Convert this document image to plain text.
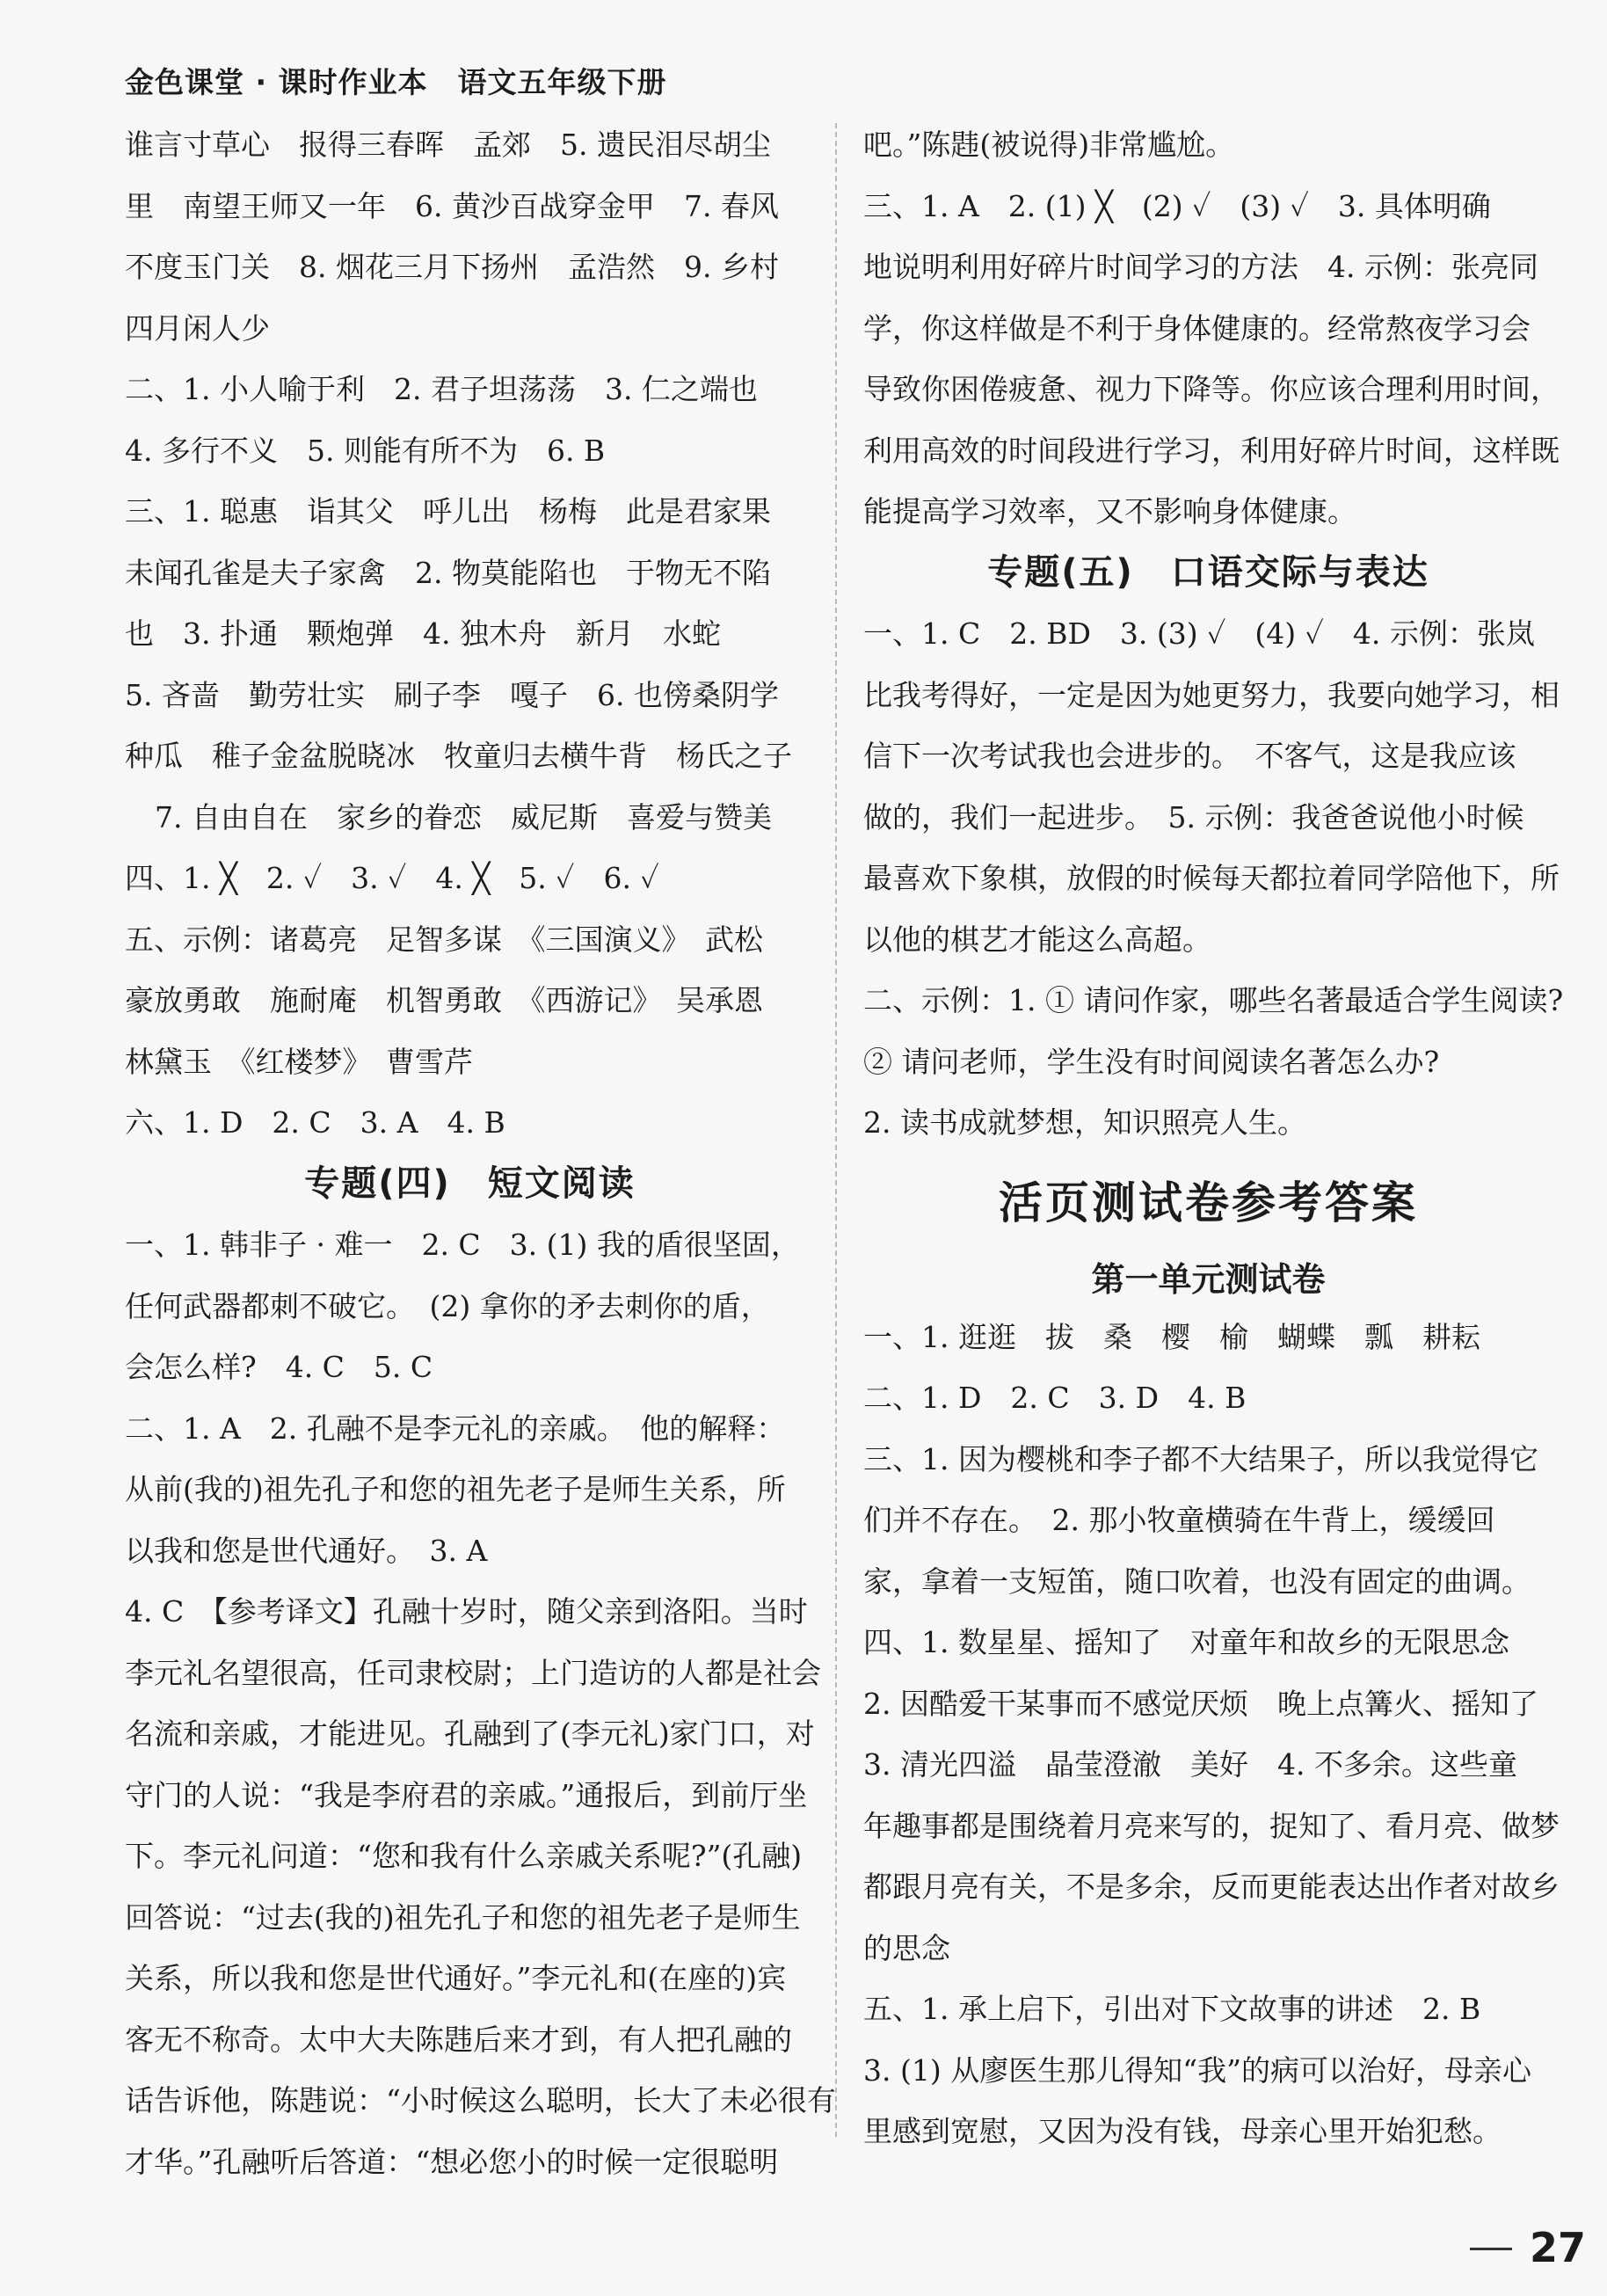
金色课堂 · 课时作业本　语文五年级下册
谁言寸草心　报得三春晖　孟郊　5. 遗民泪尽胡尘
里　南望王师又一年　6. 黄沙百战穿金甲　7. 春风
不度玉门关　8. 烟花三月下扬州　孟浩然　9. 乡村
四月闲人少
二、1. 小人喻于利　2. 君子坦荡荡　3. 仁之端也
4. 多行不义　5. 则能有所不为　6. B
三、1. 聪惠　诣其父　呼儿出　杨梅　此是君家果
未闻孔雀是夫子家禽　2. 物莫能陷也　于物无不陷
也　3. 扑通　颗炮弹　4. 独木舟　新月　水蛇
5. 吝啬　勤劳壮实　刷子李　嘎子　6. 也傍桑阴学
种瓜　稚子金盆脱晓冰　牧童归去横牛背　杨氏之子
7. 自由自在　家乡的眷恋　威尼斯　喜爱与赞美
四、1. ╳　2. ✓　3. ✓　4. ╳　5. ✓　6. ✓
五、示例：诸葛亮　足智多谋　《三国演义》　武松
豪放勇敢　施耐庵　机智勇敢　《西游记》　吴承恩
林黛玉　《红楼梦》　曹雪芹
六、1. D　2. C　3. A　4. B
专题(四)　短文阅读
一、1. 韩非子 · 难一　2. C　3. (1) 我的盾很坚固，
任何武器都刺不破它。　(2) 拿你的矛去刺你的盾，
会怎么样?　4. C　5. C
二、1. A　2. 孔融不是李元礼的亲戚。　他的解释：
从前(我的)祖先孔子和您的祖先老子是师生关系，所
以我和您是世代通好。　3. A
4. C　【参考译文】孔融十岁时，随父亲到洛阳。当时
李元礼名望很高，任司隶校尉；上门造访的人都是社会
名流和亲戚，才能进见。孔融到了(李元礼)家门口，对
守门的人说：“我是李府君的亲戚。”通报后，到前厅坐
下。李元礼问道：“您和我有什么亲戚关系呢?”(孔融)
回答说：“过去(我的)祖先孔子和您的祖先老子是师生
关系，所以我和您是世代通好。”李元礼和(在座的)宾
客无不称奇。太中大夫陈韪后来才到，有人把孔融的
话告诉他，陈韪说：“小时候这么聪明，长大了未必很有
才华。”孔融听后答道：“想必您小的时候一定很聪明
吧。”陈韪(被说得)非常尴尬。
三、1. A　2. (1) ╳　(2) ✓　(3) ✓　3. 具体明确
地说明利用好碎片时间学习的方法　4. 示例：张亮同
学，你这样做是不利于身体健康的。经常熬夜学习会
导致你困倦疲惫、视力下降等。你应该合理利用时间，
利用高效的时间段进行学习，利用好碎片时间，这样既
能提高学习效率，又不影响身体健康。
专题(五)　口语交际与表达
一、1. C　2. BD　3. (3) ✓　(4) ✓　4. 示例：张岚
比我考得好，一定是因为她更努力，我要向她学习，相
信下一次考试我也会进步的。　不客气，这是我应该
做的，我们一起进步。　5. 示例：我爸爸说他小时候
最喜欢下象棋，放假的时候每天都拉着同学陪他下，所
以他的棋艺才能这么高超。
二、示例：1. ① 请问作家，哪些名著最适合学生阅读?
② 请问老师，学生没有时间阅读名著怎么办?
2. 读书成就梦想，知识照亮人生。
活页测试卷参考答案
第一单元测试卷
一、1. 逛逛　拔　桑　樱　榆　蝴蝶　瓢　耕耘
二、1. D　2. C　3. D　4. B
三、1. 因为樱桃和李子都不大结果子，所以我觉得它
们并不存在。　2. 那小牧童横骑在牛背上，缓缓回
家，拿着一支短笛，随口吹着，也没有固定的曲调。
四、1. 数星星、摇知了　对童年和故乡的无限思念
2. 因酷爱干某事而不感觉厌烦　晚上点篝火、摇知了
3. 清光四溢　晶莹澄澈　美好　4. 不多余。这些童
年趣事都是围绕着月亮来写的，捉知了、看月亮、做梦
都跟月亮有关，不是多余，反而更能表达出作者对故乡
的思念
五、1. 承上启下，引出对下文故事的讲述　2. B
3. (1) 从廖医生那儿得知“我”的病可以治好，母亲心
里感到宽慰，又因为没有钱，母亲心里开始犯愁。
27
